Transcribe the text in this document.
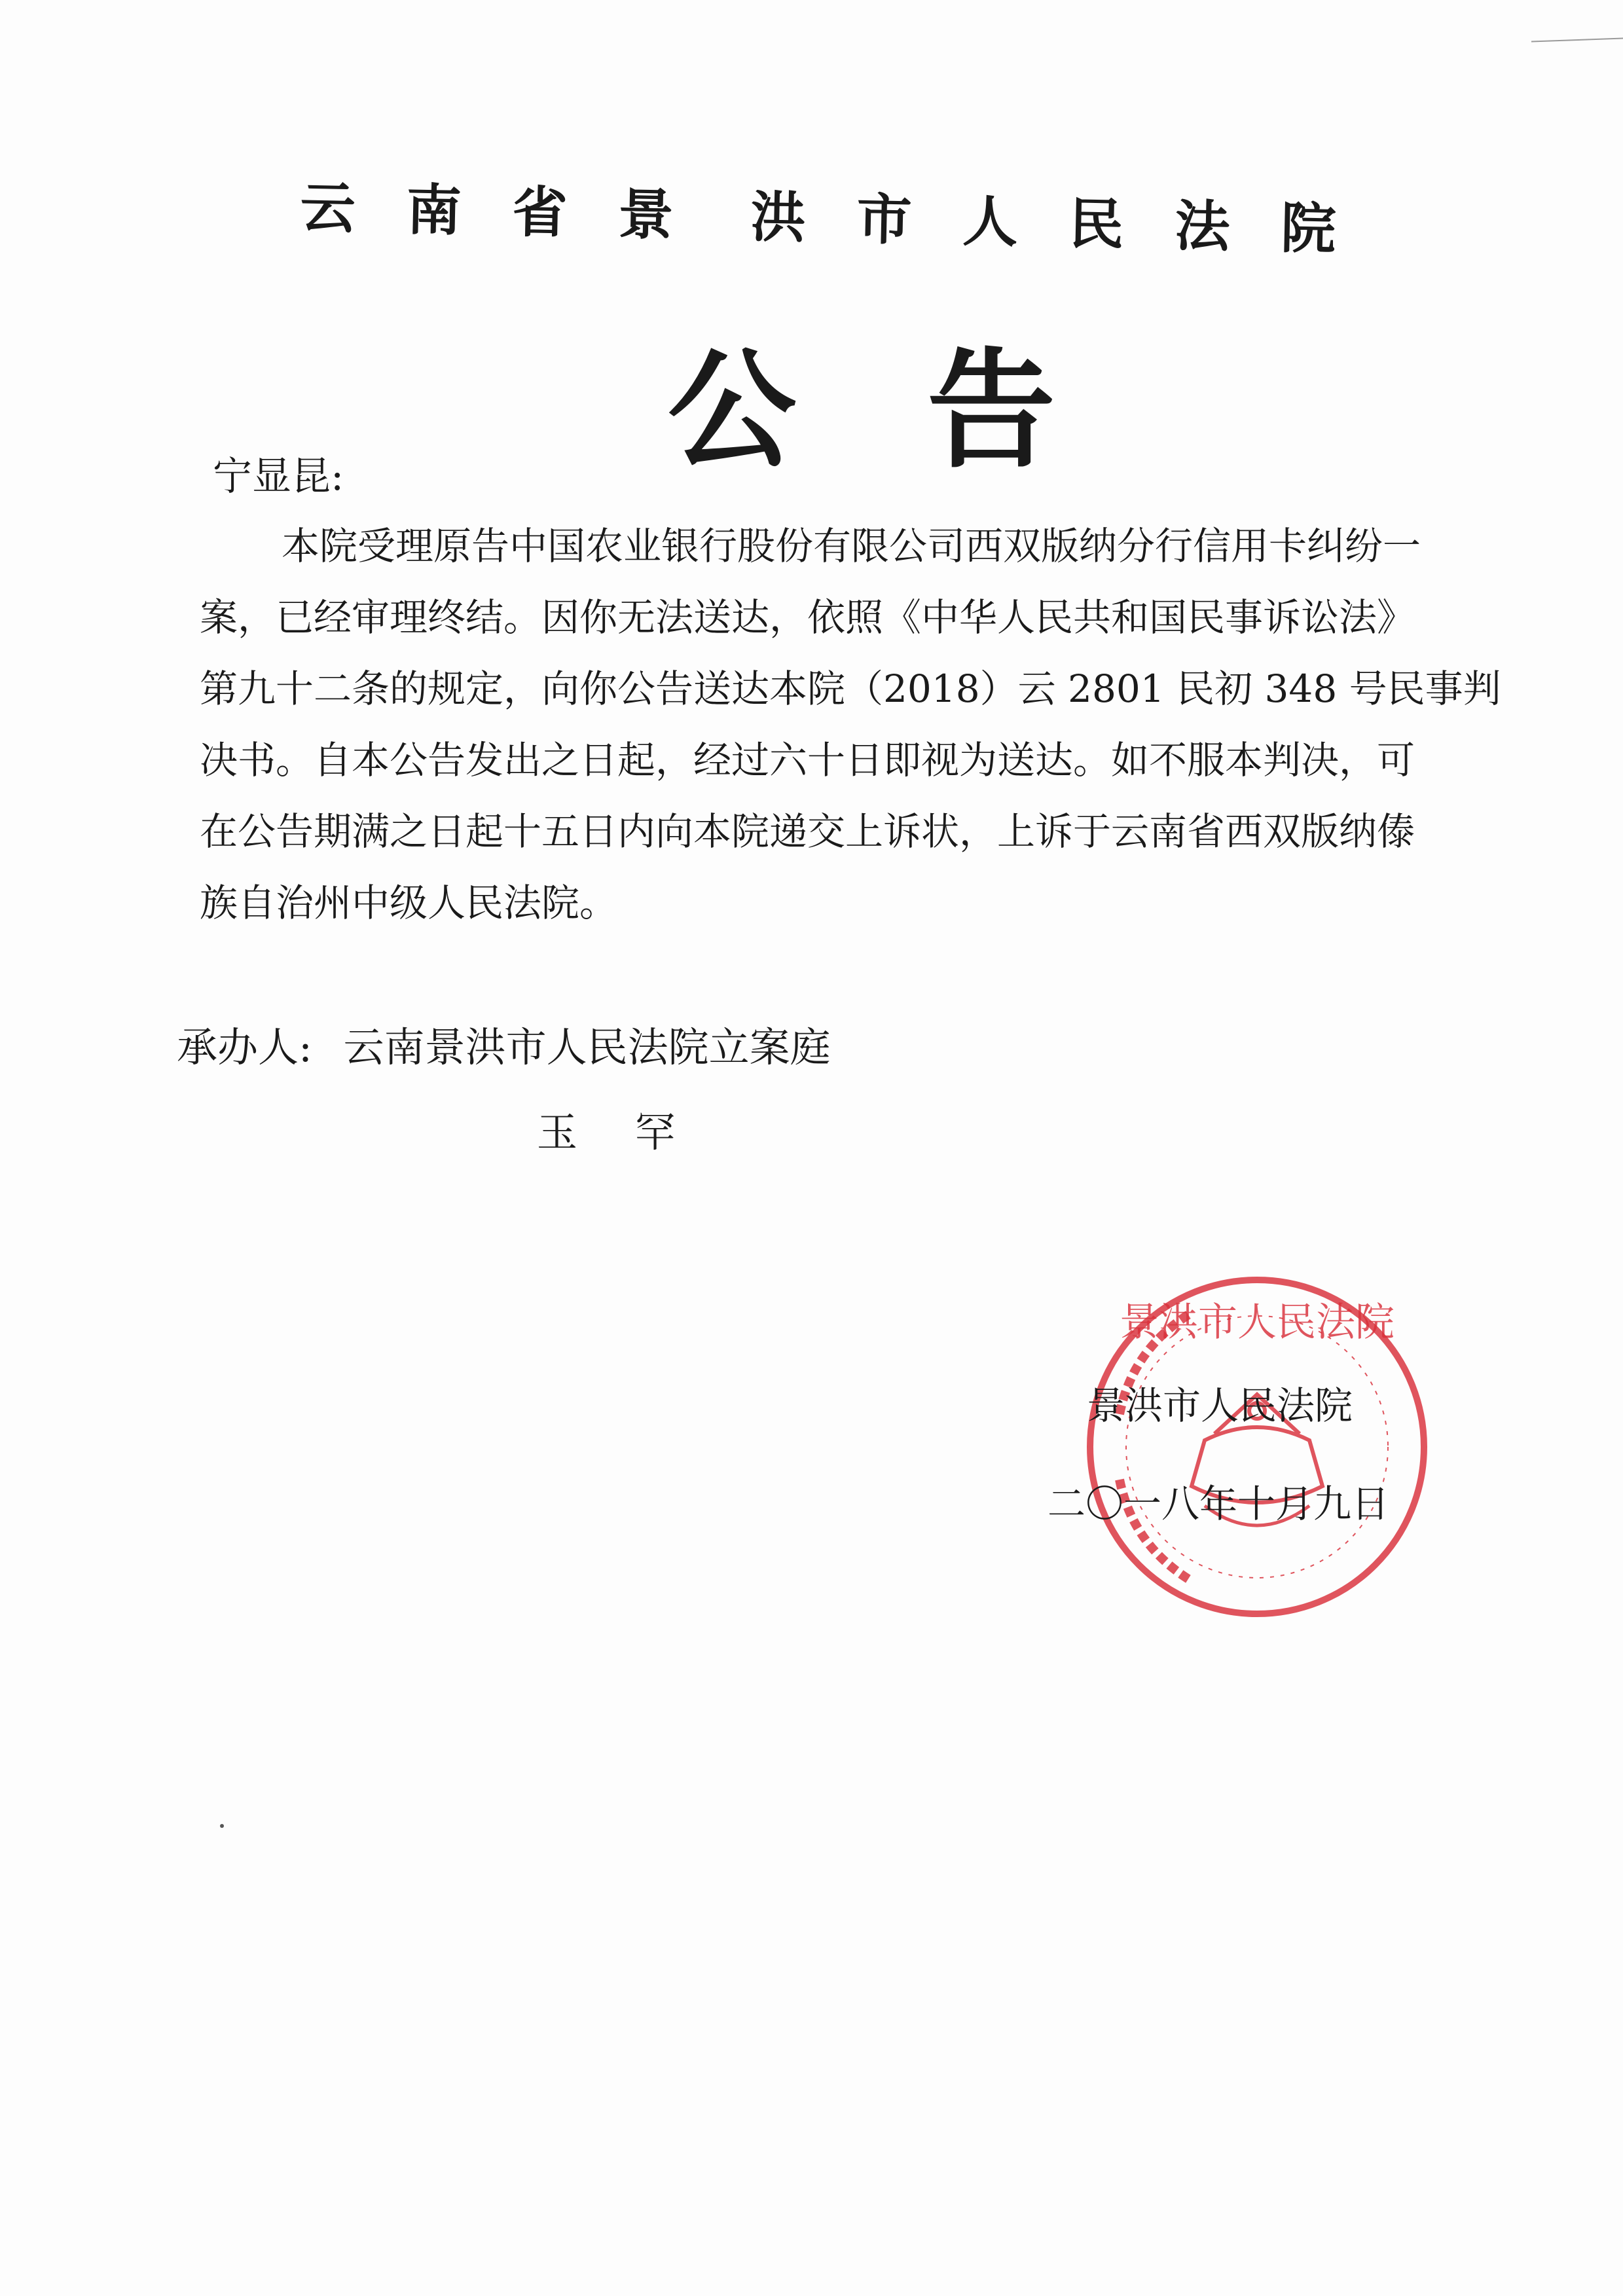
云 南 省 景 洪 市 人 民 法 院
公 告
宁显昆:
本院受理原告中国农业银行股份有限公司西双版纳分行信用卡纠纷一
案，已经审理终结。因你无法送达，依照《中华人民共和国民事诉讼法》
第九十二条的规定，向你公告送达本院（2018）云 2801 民初 348 号民事判
决书。自本公告发出之日起，经过六十日即视为送达。如不服本判决，可
在公告期满之日起十五日内向本院递交上诉状，上诉于云南省西双版纳傣
族自治州中级人民法院。
承办人: 云南景洪市人民法院立案庭
玉 罕
景洪市人民法院
景洪市人民法院
二〇一八年十月九日
